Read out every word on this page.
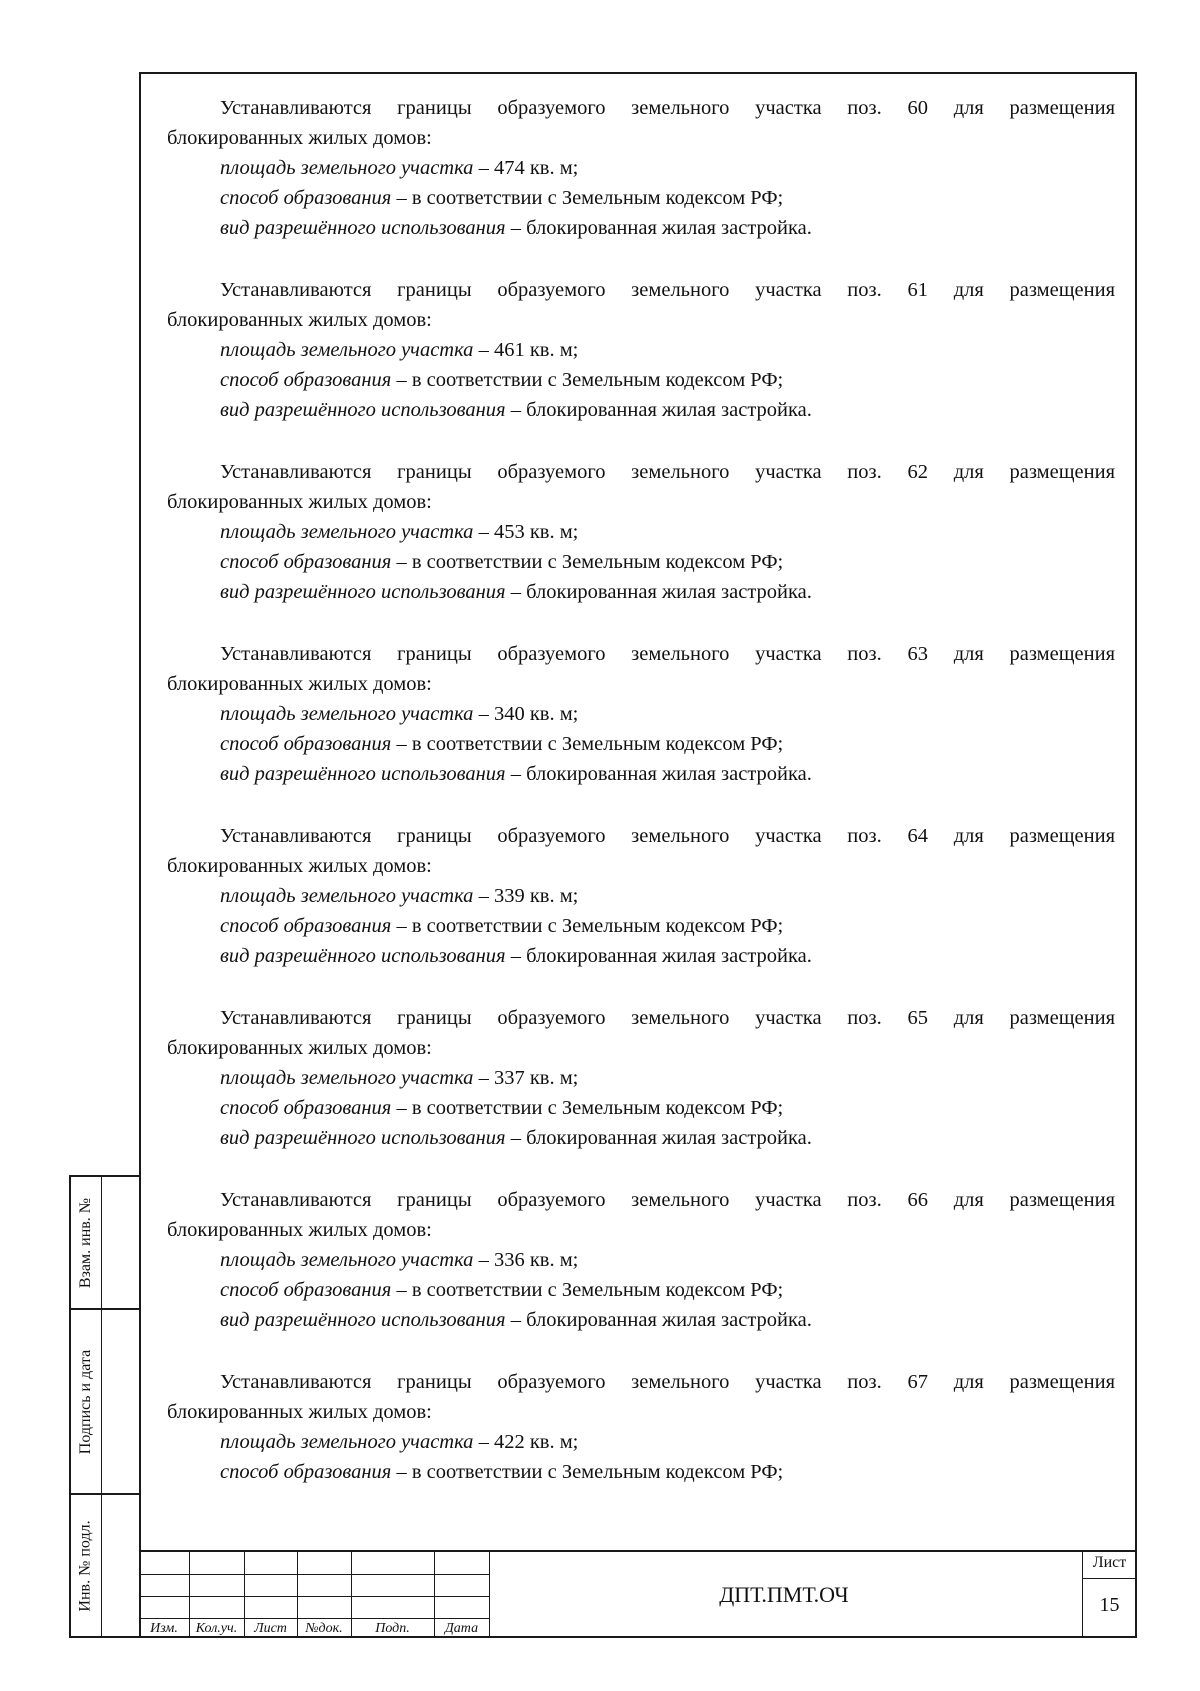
Устанавливаются границы образуемого земельного участка поз. 60 для размещения
блокированных жилых домов:
площадь земельного участка – 474 кв. м;
способ образования – в соответствии с Земельным кодексом РФ;
вид разрешённого использования – блокированная жилая застройка.
Устанавливаются границы образуемого земельного участка поз. 61 для размещения
блокированных жилых домов:
площадь земельного участка – 461 кв. м;
способ образования – в соответствии с Земельным кодексом РФ;
вид разрешённого использования – блокированная жилая застройка.
Устанавливаются границы образуемого земельного участка поз. 62 для размещения
блокированных жилых домов:
площадь земельного участка – 453 кв. м;
способ образования – в соответствии с Земельным кодексом РФ;
вид разрешённого использования – блокированная жилая застройка.
Устанавливаются границы образуемого земельного участка поз. 63 для размещения
блокированных жилых домов:
площадь земельного участка – 340 кв. м;
способ образования – в соответствии с Земельным кодексом РФ;
вид разрешённого использования – блокированная жилая застройка.
Устанавливаются границы образуемого земельного участка поз. 64 для размещения
блокированных жилых домов:
площадь земельного участка – 339 кв. м;
способ образования – в соответствии с Земельным кодексом РФ;
вид разрешённого использования – блокированная жилая застройка.
Устанавливаются границы образуемого земельного участка поз. 65 для размещения
блокированных жилых домов:
площадь земельного участка – 337 кв. м;
способ образования – в соответствии с Земельным кодексом РФ;
вид разрешённого использования – блокированная жилая застройка.
Устанавливаются границы образуемого земельного участка поз. 66 для размещения
блокированных жилых домов:
площадь земельного участка – 336 кв. м;
способ образования – в соответствии с Земельным кодексом РФ;
вид разрешённого использования – блокированная жилая застройка.
Устанавливаются границы образуемого земельного участка поз. 67 для размещения
блокированных жилых домов:
площадь земельного участка – 422 кв. м;
способ образования – в соответствии с Земельным кодексом РФ;
Взам. инв. №
Подпись и дата
Инв. № подл.
Изм.	Кол.уч.	Лист	№док.	Подп.	Дата
ДПТ.ПМТ.ОЧ
Лист
15
